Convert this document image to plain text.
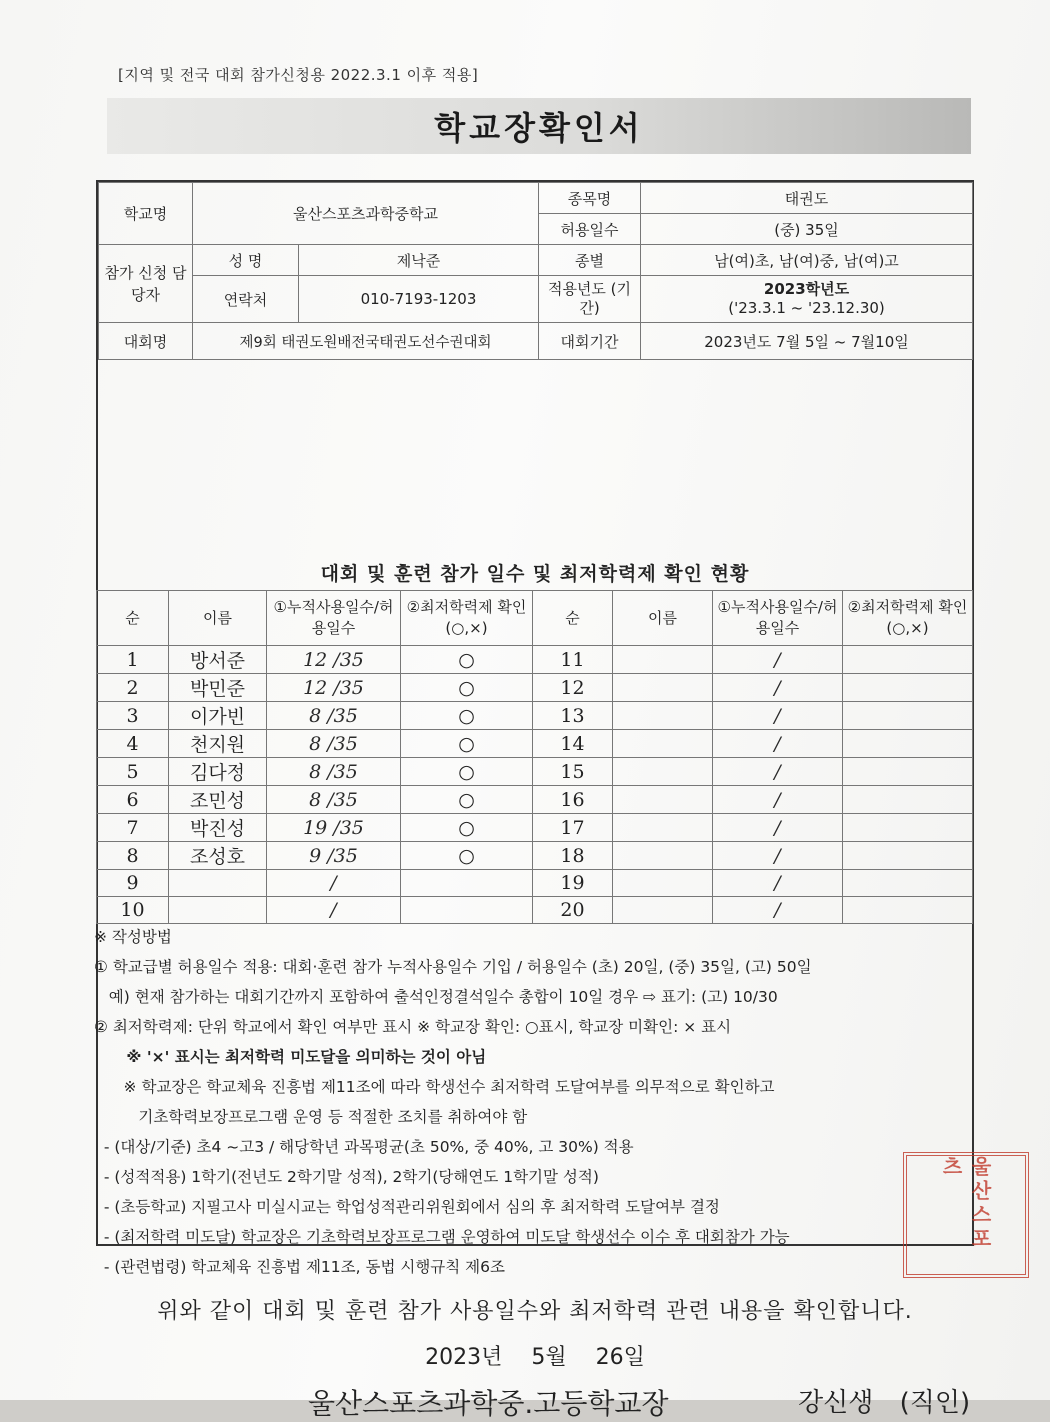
[지역 및 전국 대회 참가신청용 2022.3.1 이후 적용]
학교장확인서
학교명	울산스포츠과학중학교		종목명	태권도
			허용일수	(중) 35일
참가 신청 담당자	성 명	제낙준	종별	남(여)초, 남(여)중, 남(여)고
	연락처	010-7193-1203	적용년도 (기간)	2023학년도
('23.3.1 ~ '23.12.30)

대회명	제9회 태권도원배전국태권도선수권대회		대회기간	2023년도 7월 5일 ~ 7월10일
대회 및 훈련 참가 일수 및 최저학력제 확인 현황
순	이름	①누적사용일수/허용일수	②최저학력제 확인(○,×)	순	이름	①누적사용일수/허용일수	②최저학력제 확인(○,×)
1	방서준	12 /35	○	11		/	
2	박민준	12 /35	○	12		/	
3	이가빈	8 /35	○	13		/	
4	천지원	8 /35	○	14		/	
5	김다정	8 /35	○	15		/	
6	조민성	8 /35	○	16		/	
7	박진성	19 /35	○	17		/	
8	조성호	9 /35	○	18		/	
9		/		19		/	
10		/		20		/	
※ 작성방법
① 학교급별 허용일수 적용: 대회·훈련 참가 누적사용일수 기입 / 허용일수 (초) 20일, (중) 35일, (고) 50일
예) 현재 참가하는 대회기간까지 포함하여 출석인정결석일수 총합이 10일 경우 ⇨ 표기: (고) 10/30
② 최저학력제: 단위 학교에서 확인 여부만 표시 ※ 학교장 확인: ○표시, 학교장 미확인: × 표시
※ '×' 표시는 최저학력 미도달을 의미하는 것이 아님
※ 학교장은 학교체육 진흥법 제11조에 따라 학생선수 최저학력 도달여부를 의무적으로 확인하고
기초학력보장프로그램 운영 등 적절한 조치를 취하여야 함
- (대상/기준) 초4 ~고3 / 해당학년 과목평균(초 50%, 중 40%, 고 30%) 적용
- (성적적용) 1학기(전년도 2학기말 성적), 2학기(당해연도 1학기말 성적)
- (초등학교) 지필고사 미실시교는 학업성적관리위원회에서 심의 후 최저학력 도달여부 결정
- (최저학력 미도달) 학교장은 기초학력보장프로그램 운영하여 미도달 학생선수 이수 후 대회참가 가능
- (관련법령) 학교체육 진흥법 제11조, 동법 시행규칙 제6조
위와 같이 대회 및 훈련 참가 사용일수와 최저학력 관련 내용을 확인합니다.
2023년 5월 26일
울산스포츠과학중.고등학교장	강신생 (직인)
울산스포츠
